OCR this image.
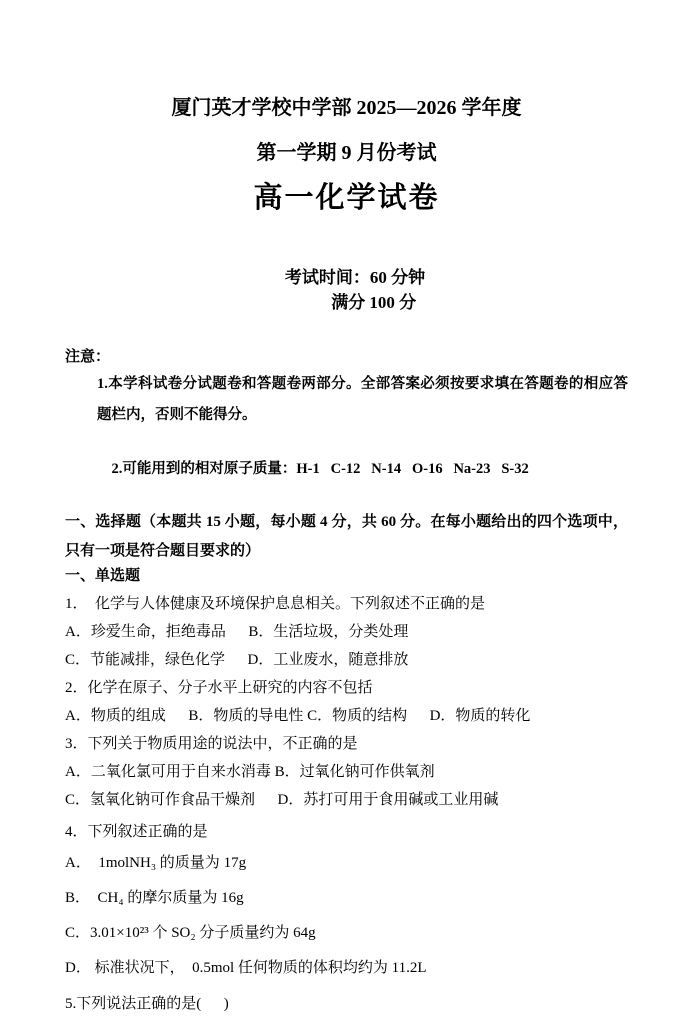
厦门英才学校中学部 2025—2026 学年度
第一学期 9 月份考试
高一化学试卷

考试时间：60 分钟
满分 100 分

注意：
1.本学科试卷分试题卷和答题卷两部分。全部答案必须按要求填在答题卷的相应答题栏内，否则不能得分。

2.可能用到的相对原子质量：H-1   C-12   N-14   O-16   Na-23   S-32

一、选择题（本题共 15 小题，每小题 4 分，共 60 分。在每小题给出的四个选项中，只有一项是符合题目要求的）
一、单选题
1．  化学与人体健康及环境保护息息相关。下列叙述不正确的是
A．珍爱生命，拒绝毒品　  B．生活垃圾，分类处理
C．节能减排，绿色化学　  D．工业废水，随意排放
2．化学在原子、分子水平上研究的内容不包括
A．物质的组成　  B．物质的导电性 C．物质的结构　  D．物质的转化
3．下列关于物质用途的说法中，不正确的是
A．二氧化氯可用于自来水消毒 B．过氧化钠可作供氧剂
C．氢氧化钠可作食品干燥剂　  D．苏打可用于食用碱或工业用碱
4．下列叙述正确的是
A．  1molNH₃ 的质量为 17g
B．  CH₄ 的摩尔质量为 16g
C．3.01×10²³ 个 SO₂ 分子质量约为 64g
D． 标准状况下，  0.5mol 任何物质的体积均约为 11.2L
5.下列说法正确的是(      )
